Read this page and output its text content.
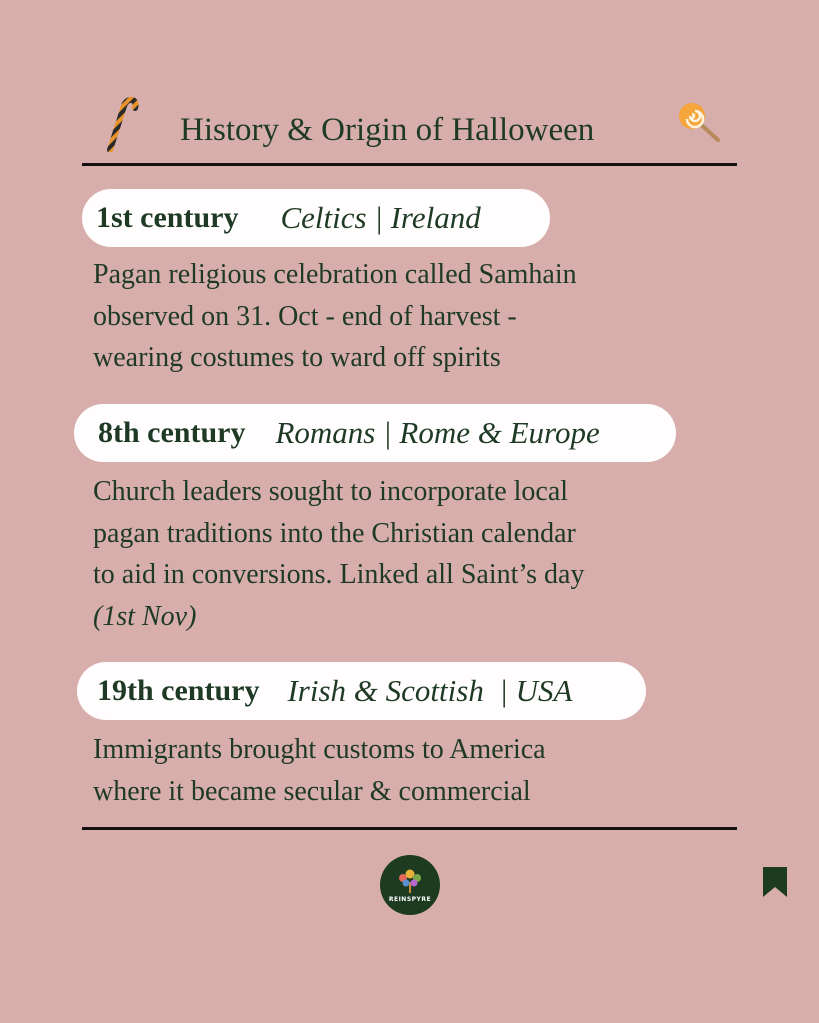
History & Origin of Halloween
1st century Celtics | Ireland
Pagan religious celebration called Samhain
observed on 31. Oct - end of harvest -
wearing costumes to ward off spirits
8th century Romans | Rome & Europe
Church leaders sought to incorporate local
pagan traditions into the Christian calendar
to aid in conversions. Linked all Saint’s day
(1st Nov)
19th century Irish & Scottish  | USA
Immigrants brought customs to America
where it became secular & commercial
REINSPYRE
